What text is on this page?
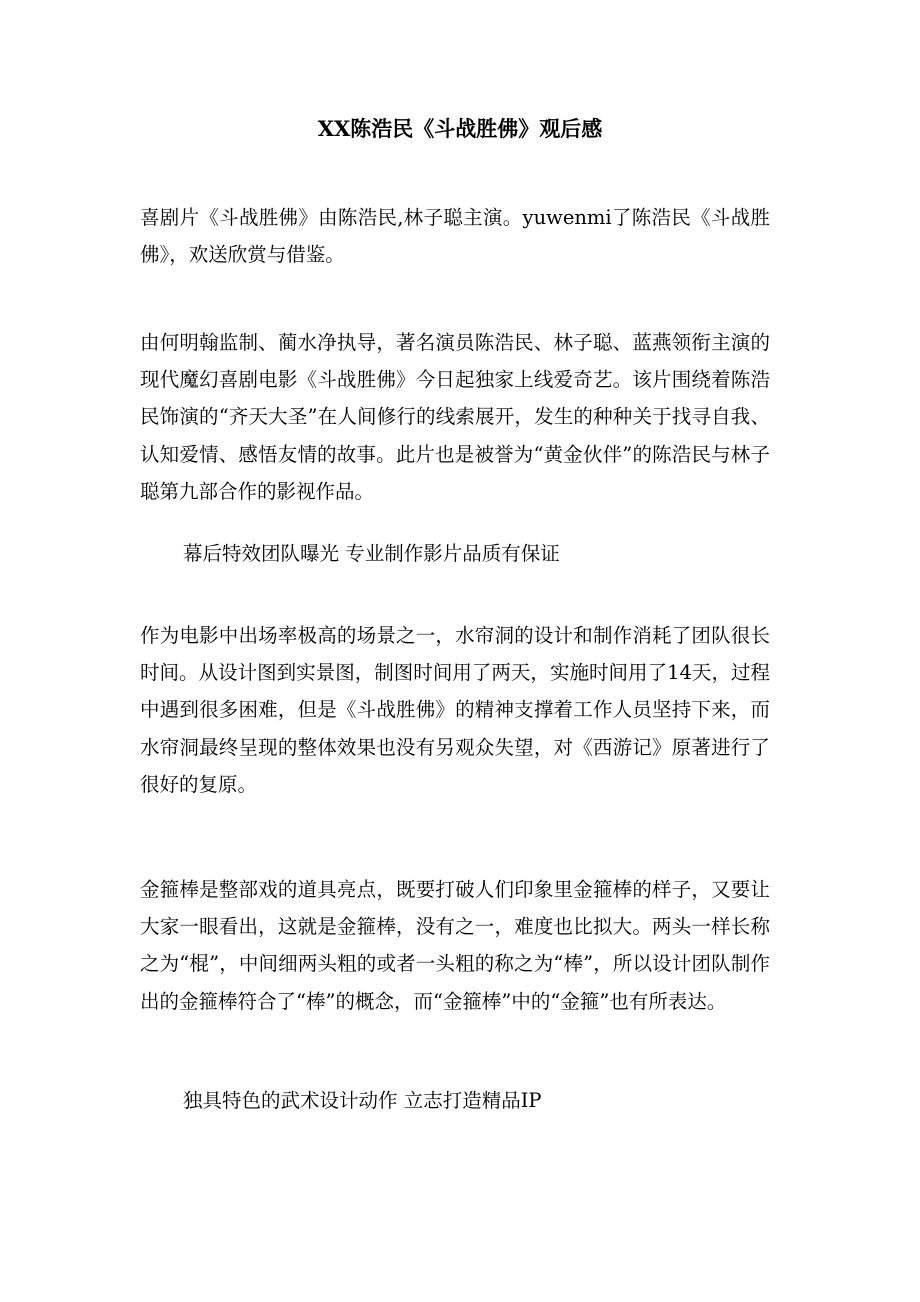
XX陈浩民《斗战胜佛》观后感
喜剧片《斗战胜佛》由陈浩民,林子聪主演。yuwenmi了陈浩民《斗战胜佛》，欢送欣赏与借鉴。
由何明翰监制、蔺水净执导，著名演员陈浩民、林子聪、蓝燕领衔主演的现代魔幻喜剧电影《斗战胜佛》今日起独家上线爱奇艺。该片围绕着陈浩民饰演的“齐天大圣”在人间修行的线索展开，发生的种种关于找寻自我、认知爱情、感悟友情的故事。此片也是被誉为“黄金伙伴”的陈浩民与林子聪第九部合作的影视作品。
幕后特效团队曝光 专业制作影片品质有保证
作为电影中出场率极高的场景之一，水帘洞的设计和制作消耗了团队很长时间。从设计图到实景图，制图时间用了两天，实施时间用了14天，过程中遇到很多困难，但是《斗战胜佛》的精神支撑着工作人员坚持下来，而水帘洞最终呈现的整体效果也没有另观众失望，对《西游记》原著进行了很好的复原。
金箍棒是整部戏的道具亮点，既要打破人们印象里金箍棒的样子，又要让大家一眼看出，这就是金箍棒，没有之一，难度也比拟大。两头一样长称之为“棍”，中间细两头粗的或者一头粗的称之为“棒”，所以设计团队制作出的金箍棒符合了“棒”的概念，而“金箍棒”中的“金箍”也有所表达。
独具特色的武术设计动作 立志打造精品IP
